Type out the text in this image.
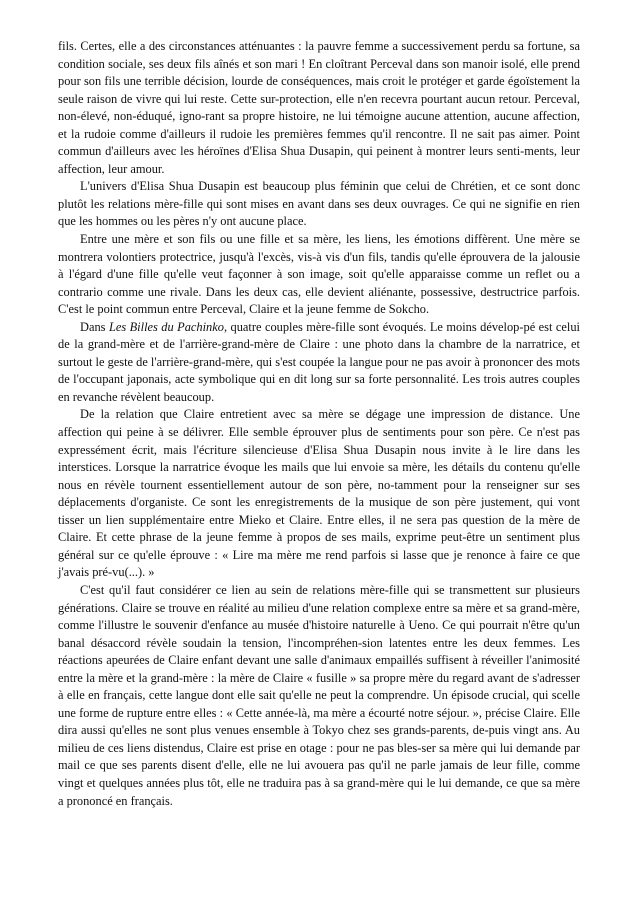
fils. Certes, elle a des circonstances atténuantes : la pauvre femme a successivement perdu sa fortune, sa condition sociale, ses deux fils aînés et son mari ! En cloîtrant Perceval dans son manoir isolé, elle prend pour son fils une terrible décision, lourde de conséquences, mais croit le protéger et garde égoïstement la seule raison de vivre qui lui reste. Cette sur-protection, elle n'en recevra pourtant aucun retour. Perceval, non-élevé, non-éduqué, igno-rant sa propre histoire, ne lui témoigne aucune attention, aucune affection, et la rudoie comme d'ailleurs il rudoie les premières femmes qu'il rencontre. Il ne sait pas aimer. Point commun d'ailleurs avec les héroïnes d'Elisa Shua Dusapin, qui peinent à montrer leurs senti-ments, leur affection, leur amour.

L'univers d'Elisa Shua Dusapin est beaucoup plus féminin que celui de Chrétien, et ce sont donc plutôt les relations mère-fille qui sont mises en avant dans ses deux ouvrages. Ce qui ne signifie en rien que les hommes ou les pères n'y ont aucune place.

Entre une mère et son fils ou une fille et sa mère, les liens, les émotions diffèrent. Une mère se montrera volontiers protectrice, jusqu'à l'excès, vis-à vis d'un fils, tandis qu'elle éprouvera de la jalousie à l'égard d'une fille qu'elle veut façonner à son image, soit qu'elle apparaisse comme un reflet ou a contrario comme une rivale. Dans les deux cas, elle devient aliénante, possessive, destructrice parfois. C'est le point commun entre Perceval, Claire et la jeune femme de Sokcho.

Dans Les Billes du Pachinko, quatre couples mère-fille sont évoqués. Le moins dévelop-pé est celui de la grand-mère et de l'arrière-grand-mère de Claire : une photo dans la chambre de la narratrice, et surtout le geste de l'arrière-grand-mère, qui s'est coupée la langue pour ne pas avoir à prononcer des mots de l'occupant japonais, acte symbolique qui en dit long sur sa forte personnalité. Les trois autres couples en revanche révèlent beaucoup.

De la relation que Claire entretient avec sa mère se dégage une impression de distance. Une affection qui peine à se délivrer. Elle semble éprouver plus de sentiments pour son père. Ce n'est pas expressément écrit, mais l'écriture silencieuse d'Elisa Shua Dusapin nous invite à le lire dans les interstices. Lorsque la narratrice évoque les mails que lui envoie sa mère, les détails du contenu qu'elle nous en révèle tournent essentiellement autour de son père, no-tamment pour la renseigner sur ses déplacements d'organiste. Ce sont les enregistrements de la musique de son père justement, qui vont tisser un lien supplémentaire entre Mieko et Claire. Entre elles, il ne sera pas question de la mère de Claire. Et cette phrase de la jeune femme à propos de ses mails, exprime peut-être un sentiment plus général sur ce qu'elle éprouve : « Lire ma mère me rend parfois si lasse que je renonce à faire ce que j'avais pré-vu(...). »

C'est qu'il faut considérer ce lien au sein de relations mère-fille qui se transmettent sur plusieurs générations. Claire se trouve en réalité au milieu d'une relation complexe entre sa mère et sa grand-mère, comme l'illustre le souvenir d'enfance au musée d'histoire naturelle à Ueno. Ce qui pourrait n'être qu'un banal désaccord révèle soudain la tension, l'incompréhen-sion latentes entre les deux femmes. Les réactions apeurées de Claire enfant devant une salle d'animaux empaillés suffisent à réveiller l'animosité entre la mère et la grand-mère : la mère de Claire « fusille » sa propre mère du regard avant de s'adresser à elle en français, cette langue dont elle sait qu'elle ne peut la comprendre. Un épisode crucial, qui scelle une forme de rupture entre elles : « Cette année-là, ma mère a écourté notre séjour. », précise Claire. Elle dira aussi qu'elles ne sont plus venues ensemble à Tokyo chez ses grands-parents, de-puis vingt ans. Au milieu de ces liens distendus, Claire est prise en otage : pour ne pas bles-ser sa mère qui lui demande par mail ce que ses parents disent d'elle, elle ne lui avouera pas qu'il ne parle jamais de leur fille, comme vingt et quelques années plus tôt, elle ne traduira pas à sa grand-mère qui le lui demande, ce que sa mère a prononcé en français.
